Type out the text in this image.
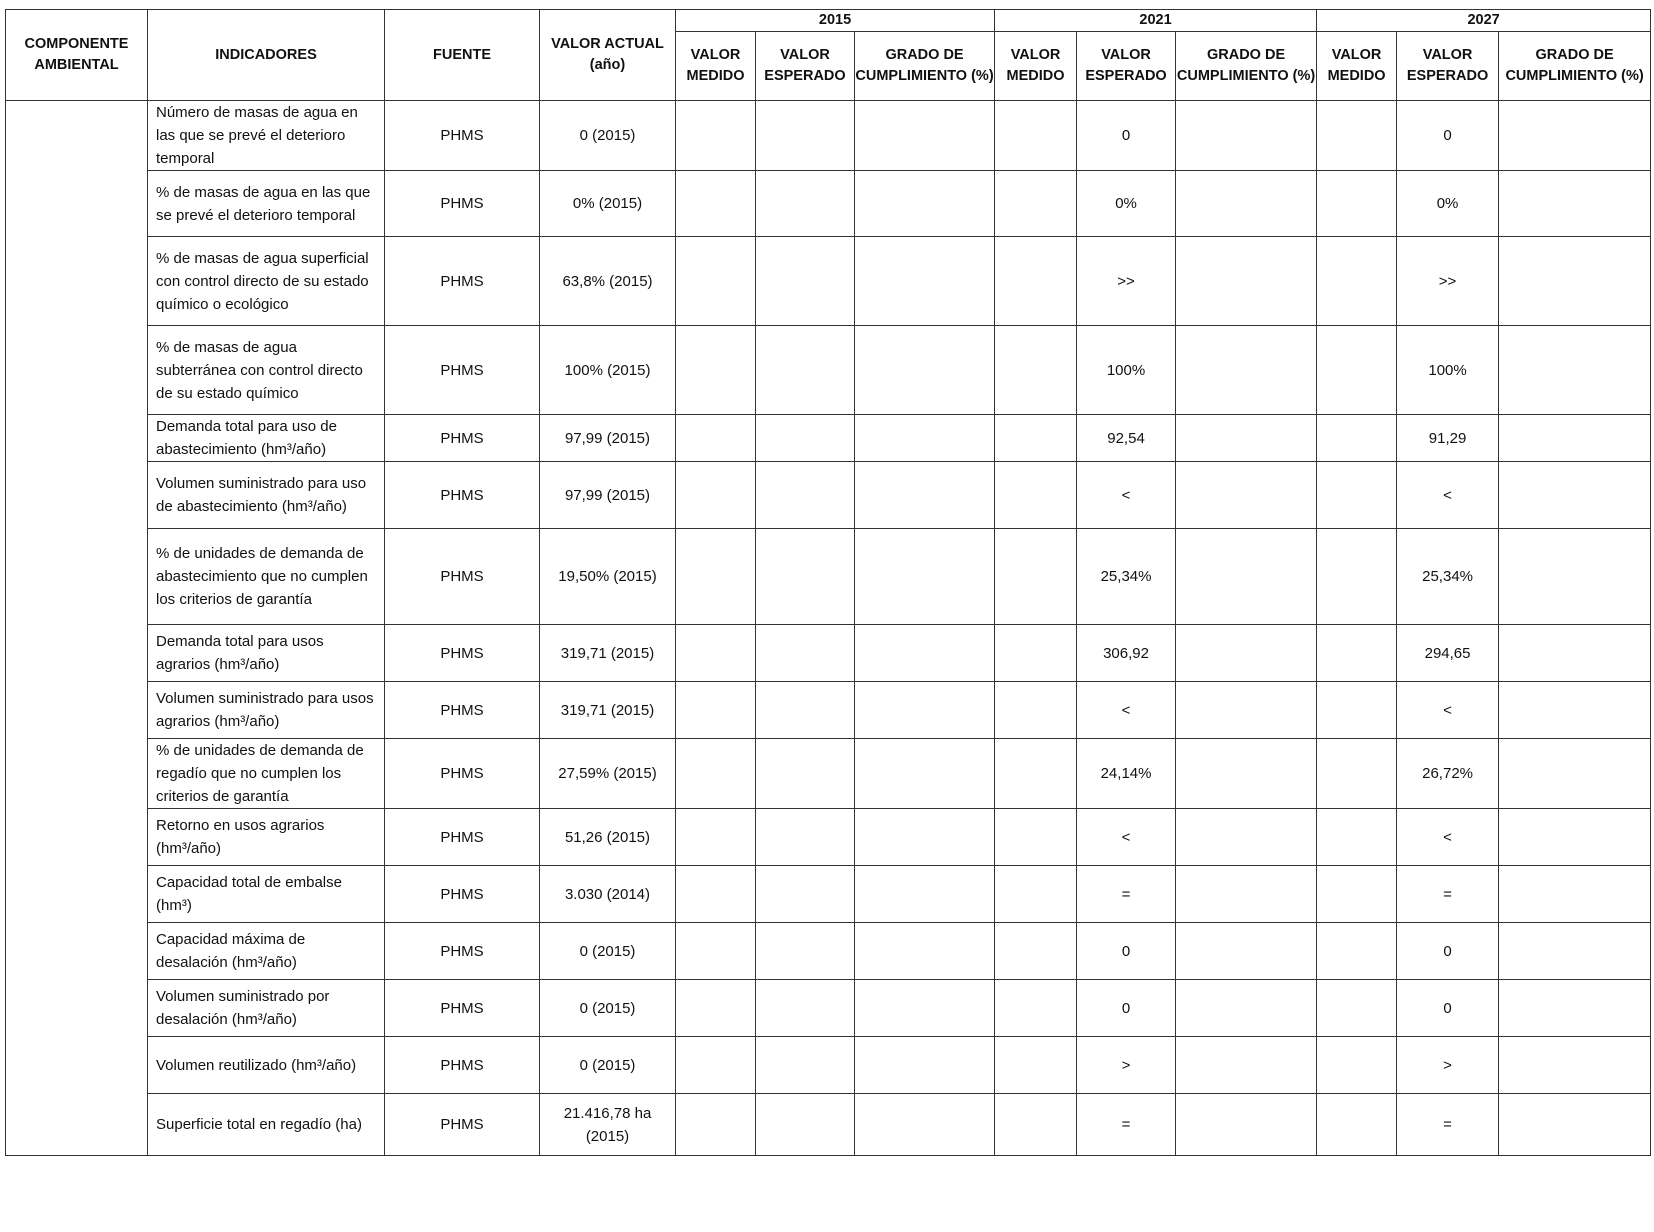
COMPONENTE AMBIENTAL	INDICADORES	FUENTE	VALOR ACTUAL (año)	2015			2021			2027		
				VALOR MEDIDO	VALOR ESPERADO	GRADO DE CUMPLIMIENTO (%)	VALOR MEDIDO	VALOR ESPERADO	GRADO DE CUMPLIMIENTO (%)	VALOR MEDIDO	VALOR ESPERADO	GRADO DE CUMPLIMIENTO (%)
	Número de masas de agua en las que se prevé el deterioro temporal	PHMS	0 (2015)					0			0	
	% de masas de agua en las que se prevé el deterioro temporal	PHMS	0% (2015)					0%			0%	
	% de masas de agua superficial con control directo de su estado químico o ecológico	PHMS	63,8% (2015)					>>			>>	
	% de masas de agua subterránea con control directo de su estado químico	PHMS	100% (2015)					100%			100%	
	Demanda total para uso de abastecimiento (hm³/año)	PHMS	97,99 (2015)					92,54			91,29	
	Volumen suministrado para uso de abastecimiento (hm³/año)	PHMS	97,99 (2015)					<			<	
	% de unidades de demanda de abastecimiento que no cumplen los criterios de garantía	PHMS	19,50% (2015)					25,34%			25,34%	
	Demanda total para usos agrarios (hm³/año)	PHMS	319,71 (2015)					306,92			294,65	
	Volumen suministrado para usos agrarios (hm³/año)	PHMS	319,71 (2015)					<			<	
	% de unidades de demanda de regadío que no cumplen los criterios de garantía	PHMS	27,59% (2015)					24,14%			26,72%	
	Retorno en usos agrarios (hm³/año)	PHMS	51,26 (2015)					<			<	
	Capacidad total de embalse (hm³)	PHMS	3.030 (2014)					=			=	
	Capacidad máxima de desalación (hm³/año)	PHMS	0 (2015)					0			0	
	Volumen suministrado por desalación (hm³/año)	PHMS	0 (2015)					0			0	
	Volumen reutilizado (hm³/año)	PHMS	0 (2015)					>			>	
	Superficie total en regadío (ha)	PHMS	21.416,78 ha (2015)					=			=	
